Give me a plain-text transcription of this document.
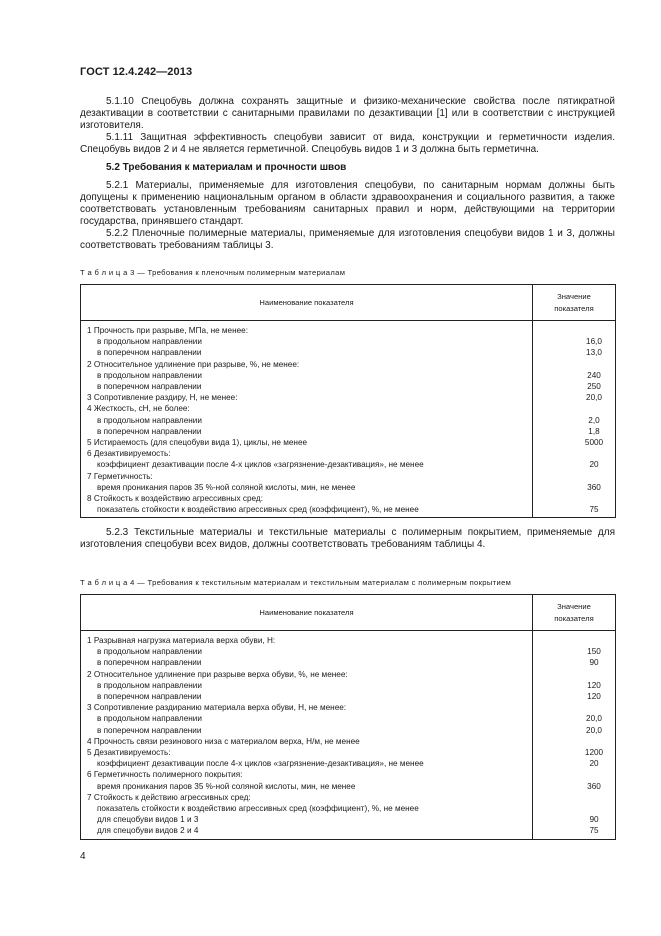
ГОСТ 12.4.242—2013

5.1.10 Спецобувь должна сохранять защитные и физико-механические свойства после пятикратной дезактивации в соответствии с санитарными правилами по дезактивации [1] или в соответствии с инструкцией изготовителя.

5.1.11 Защитная эффективность спецобуви зависит от вида, конструкции и герметичности изделия. Спецобувь видов 2 и 4 не является герметичной. Спецобувь видов 1 и 3 должна быть герметична.

5.2 Требования к материалам и прочности швов

5.2.1 Материалы, применяемые для изготовления спецобуви, по санитарным нормам должны быть допущены к применению национальным органом в области здравоохранения и социального развития, а также соответствовать установленным требованиям санитарных правил и норм, действующими на территории государства, принявшего стандарт.

5.2.2 Пленочные полимерные материалы, применяемые для изготовления спецобуви видов 1 и 3, должны соответствовать требованиям таблицы 3.

Т а б л и ц а 3 — Требования к пленочным полимерным материалам
Наименование показателя	Значение
показателя

1 Прочность при разрыве, МПа, не менее:	
в продольном направлении	16,0
в поперечном направлении	13,0
2 Относительное удлинение при разрыве, %, не менее:	
в продольном направлении	240
в поперечном направлении	250
3 Сопротивление раздиру, Н, не менее:	20,0
4 Жесткость, сН, не более:	
в продольном направлении	2,0
в поперечном направлении	1,8
5 Истираемость (для спецобуви вида 1), циклы, не менее	5000
6 Дезактивируемость:	
коэффициент дезактивации после 4-х циклов «загрязнение-дезактивация», не менее	20
7 Герметичность:	
время проникания паров 35 %-ной соляной кислоты, мин, не менее	360
8 Стойкость к воздействию агрессивных сред:	
показатель стойкости к воздействию агрессивных сред (коэффициент), %, не менее	75

5.2.3 Текстильные материалы и текстильные материалы с полимерным покрытием, применяемые для изготовления спецобуви всех видов, должны соответствовать требованиям таблицы 4.

Т а б л и ц а 4 — Требования к текстильным материалам и текстильным материалам с полимерным покрытием
Наименование показателя	Значение
показателя

1 Разрывная нагрузка материала верха обуви, Н:	
в продольном направлении	150
в поперечном направлении	90
2 Относительное удлинение при разрыве верха обуви, %, не менее:	
в продольном направлении	120
в поперечном направлении	120
3 Сопротивление раздиранию материала верха обуви, Н, не менее:	
в продольном направлении	20,0
в поперечном направлении	20,0
4 Прочность связи резинового низа с материалом верха, Н/м, не менее	
5 Дезактивируемость:	1200
коэффициент дезактивации после 4-х циклов «загрязнение-дезактивация», не менее	20
6 Герметичность полимерного покрытия:	
время проникания паров 35 %-ной соляной кислоты, мин, не менее	360
7 Стойкость к действию агрессивных сред:	
показатель стойкости к воздействию агрессивных сред (коэффициент), %, не менее	
для спецобуви видов 1 и 3	90
для спецобуви видов 2 и 4	75
4
